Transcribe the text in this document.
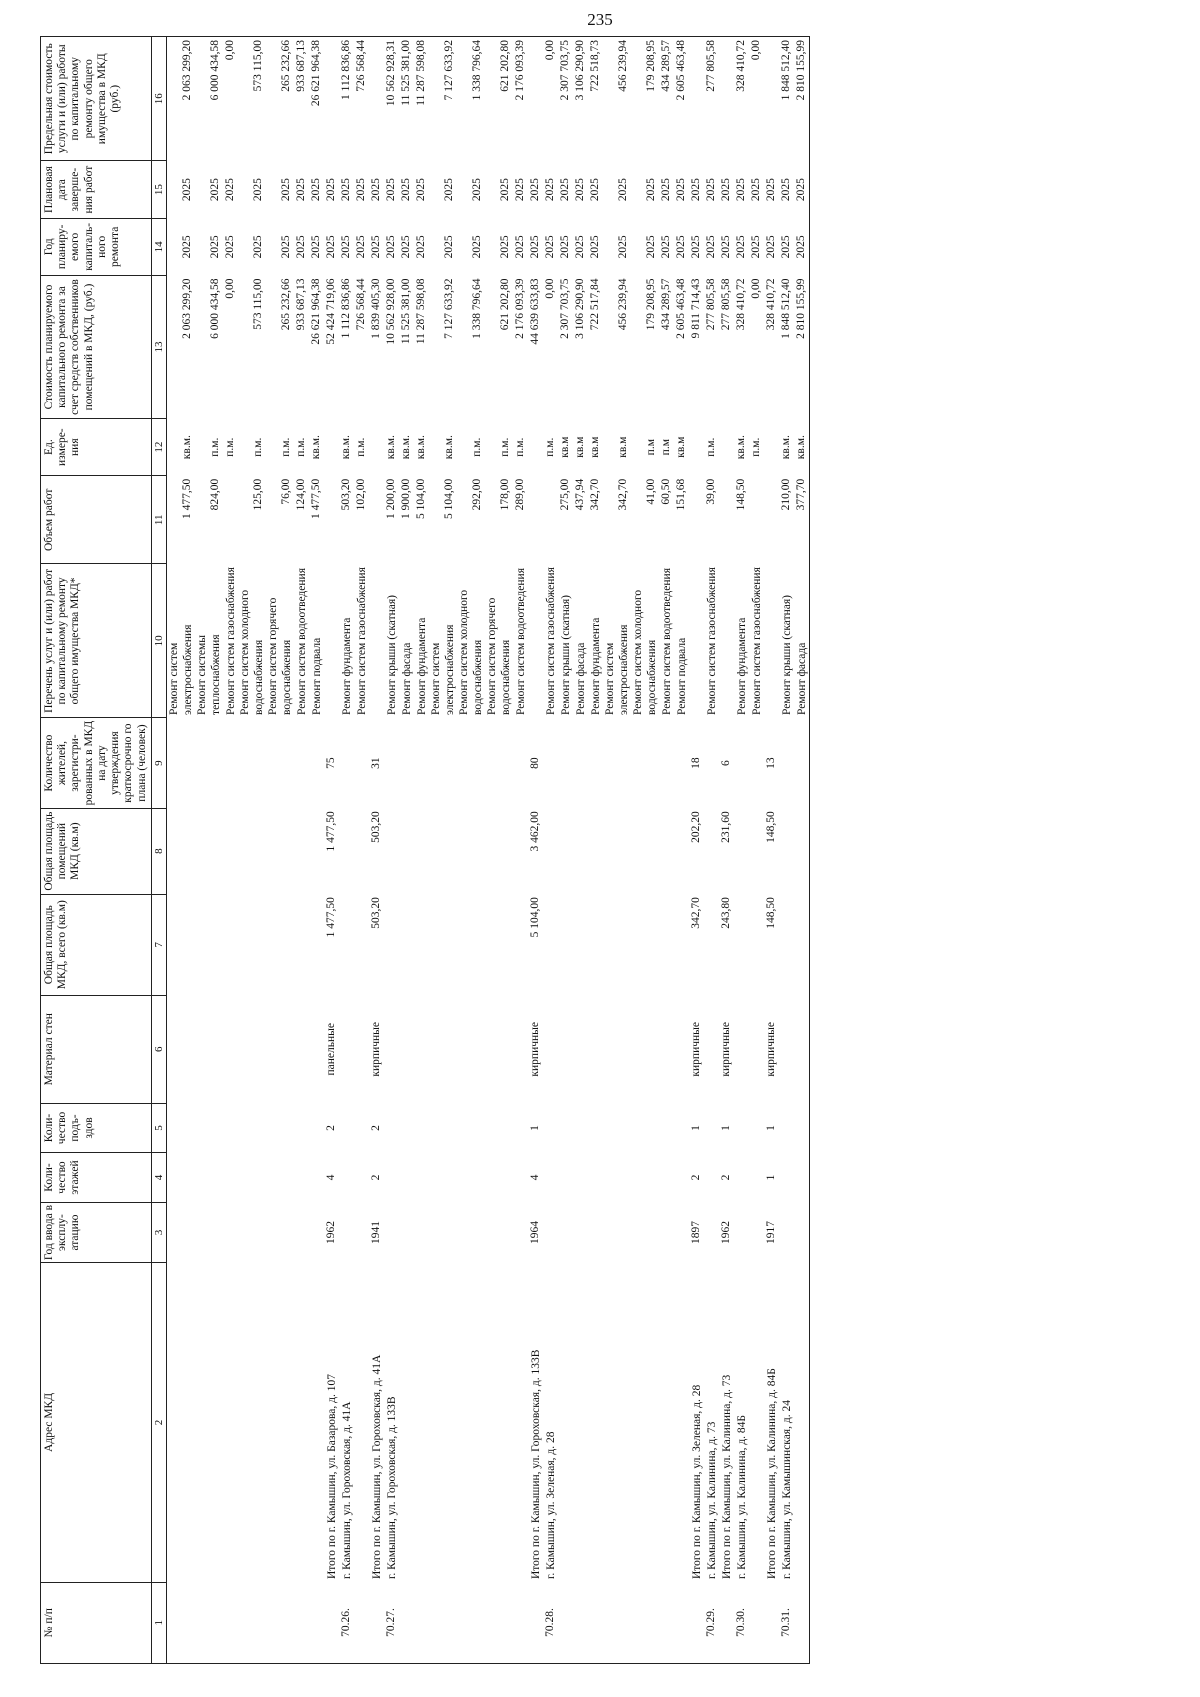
235
№ п/п	Адрес МКД	Год ввода в эксплу-атацию	Коли-чество этажей	Коли-чество подъ-здов	Материал стен	Общая площадь МКД, всего (кв.м)	Общая площадь помещений МКД (кв.м)	Количество жителей, зарегистри-рованных в МКД на дату утверждения краткосрочно го плана (человек)	Перечень услуг и (или) работ по капитальному ремонту общего имущества МКД*	Объем работ	Ед. измере-ния	Стоимость планируемого капитального ремонта за счет средств собственников помещений в МКД, (руб.)	Год планиру-емого капиталь-ного ремонта	Плановая дата заверше-ния работ	Предельная стоимость услуги и (или) работы по капитальному ремонту общего имущества в МКД (руб.)
1	2	3	4	5	6	7	8	9	10	11	12	13	14	15	16
									Ремонт систем электроснабжения	1 477,50	кв.м.	2 063 299,20	2025	2025	2 063 299,20
									Ремонт системы теплоснабжения	824,00	п.м.	6 000 434,58	2025	2025	6 000 434,58
									Ремонт систем газоснабжения		п.м.	0,00	2025	2025	0,00
									Ремонт систем холодного водоснабжения	125,00	п.м.	573 115,00	2025	2025	573 115,00
									Ремонт систем горячего водоснабжения	76,00	п.м.	265 232,66	2025	2025	265 232,66
									Ремонт систем водоотведения	124,00	п.м.	933 687,13	2025	2025	933 687,13
									Ремонт подвала	1 477,50	кв.м.	26 621 964,38	2025	2025	26 621 964,38
	Итого по г. Камышин, ул. Базарова, д. 107	1962	4	2	панельные	1 477,50	1 477,50	75				52 424 719,06	2025	2025	
70.26.	г. Камышин, ул. Гороховская, д. 41А								Ремонт фундамента	503,20	кв.м.	1 112 836,86	2025	2025	1 112 836,86
									Ремонт систем газоснабжения	102,00	п.м.	726 568,44	2025	2025	726 568,44
	Итого по г. Камышин, ул. Гороховская, д. 41А	1941	2	2	кирпичные	503,20	503,20	31				1 839 405,30	2025	2025	
70.27.	г. Камышин, ул. Гороховская, д. 133В								Ремонт крыши (скатная)	1 200,00	кв.м.	10 562 928,00	2025	2025	10 562 928,31
									Ремонт фасада	1 900,00	кв.м.	11 525 381,00	2025	2025	11 525 381,00
									Ремонт фундамента	5 104,00	кв.м.	11 287 598,08	2025	2025	11 287 598,08
									Ремонт систем электроснабжения	5 104,00	кв.м.	7 127 633,92	2025	2025	7 127 633,92
									Ремонт систем холодного водоснабжения	292,00	п.м.	1 338 796,64	2025	2025	1 338 796,64
									Ремонт систем горячего водоснабжения	178,00	п.м.	621 202,80	2025	2025	621 202,80
									Ремонт систем водоотведения	289,00	п.м.	2 176 093,39	2025	2025	2 176 093,39
	Итого по г. Камышин, ул. Гороховская, д. 133В	1964	4	1	кирпичные	5 104,00	3 462,00	80				44 639 633,83	2025	2025	
70.28.	г. Камышин, ул. Зеленая, д. 28								Ремонт систем газоснабжения		п.м.	0,00	2025	2025	0,00
									Ремонт крыши (скатная)	275,00	кв.м	2 307 703,75	2025	2025	2 307 703,75
									Ремонт фасада	437,94	кв.м	3 106 290,90	2025	2025	3 106 290,90
									Ремонт фундамента	342,70	кв.м	722 517,84	2025	2025	722 518,73
									Ремонт систем электроснабжения	342,70	кв.м	456 239,94	2025	2025	456 239,94
									Ремонт систем холодного водоснабжения	41,00	п.м	179 208,95	2025	2025	179 208,95
									Ремонт систем водоотведения	60,50	п.м	434 289,57	2025	2025	434 289,57
									Ремонт подвала	151,68	кв.м	2 605 463,48	2025	2025	2 605 463,48
	Итого по г. Камышин, ул. Зеленая, д. 28	1897	2	1	кирпичные	342,70	202,20	18				9 811 714,43	2025	2025	
70.29.	г. Камышин, ул. Калинина, д. 73								Ремонт систем газоснабжения	39,00	п.м.	277 805,58	2025	2025	277 805,58
	Итого по г. Камышин, ул. Калинина, д. 73	1962	2	1	кирпичные	243,80	231,60	6				277 805,58	2025	2025	
70.30.	г. Камышин, ул. Калинина, д. 84Б								Ремонт фундамента	148,50	кв.м.	328 410,72	2025	2025	328 410,72
									Ремонт систем газоснабжения		п.м.	0,00	2025	2025	0,00
	Итого по г. Камышин, ул. Калинина, д. 84Б	1917	1	1	кирпичные	148,50	148,50	13				328 410,72	2025	2025	
70.31.	г. Камышин, ул. Камышинская, д. 24								Ремонт крыши (скатная)	210,00	кв.м.	1 848 512,40	2025	2025	1 848 512,40
									Ремонт фасада	377,70	кв.м.	2 810 155,99	2025	2025	2 810 155,99
